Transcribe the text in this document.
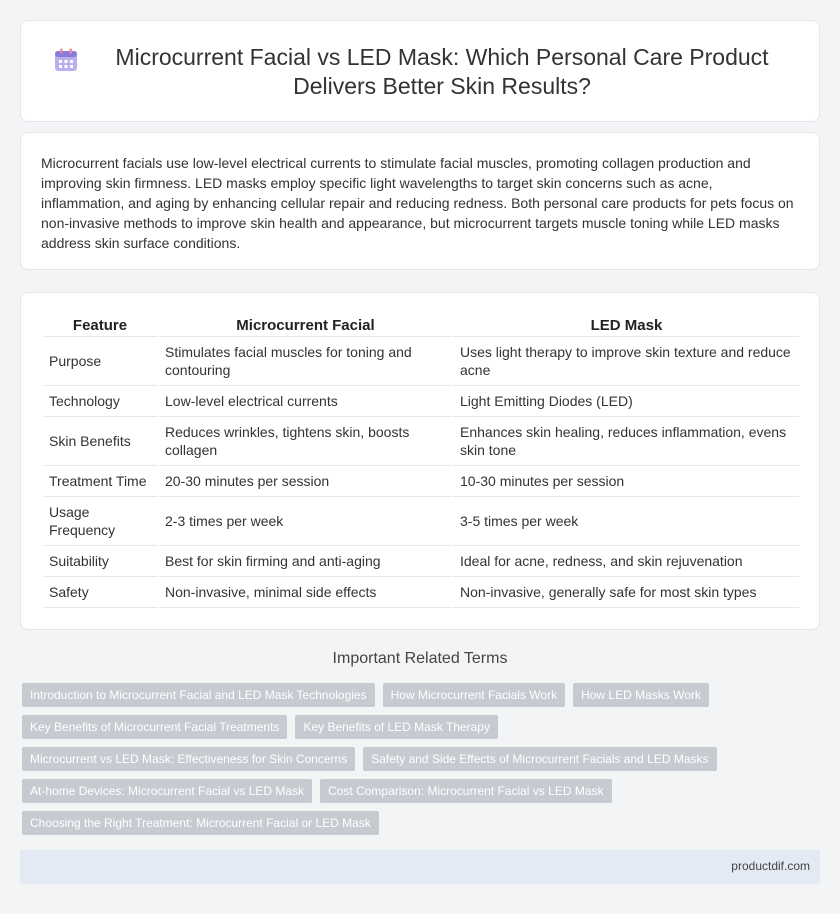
Microcurrent Facial vs LED Mask: Which Personal Care Product Delivers Better Skin Results?

Microcurrent facials use low-level electrical currents to stimulate facial muscles, promoting collagen production and improving skin firmness. LED masks employ specific light wavelengths to target skin concerns such as acne, inflammation, and aging by enhancing cellular repair and reducing redness. Both personal care products for pets focus on non-invasive methods to improve skin health and appearance, but microcurrent targets muscle toning while LED masks address skin surface conditions.

Feature	Microcurrent Facial	LED Mask
Purpose	Stimulates facial muscles for toning and contouring	Uses light therapy to improve skin texture and reduce acne
Technology	Low-level electrical currents	Light Emitting Diodes (LED)
Skin Benefits	Reduces wrinkles, tightens skin, boosts collagen	Enhances skin healing, reduces inflammation, evens skin tone
Treatment Time	20-30 minutes per session	10-30 minutes per session
Usage Frequency	2-3 times per week	3-5 times per week
Suitability	Best for skin firming and anti-aging	Ideal for acne, redness, and skin rejuvenation
Safety	Non-invasive, minimal side effects	Non-invasive, generally safe for most skin types
Important Related Terms
Introduction to Microcurrent Facial and LED Mask Technologies	How Microcurrent Facials Work	How LED Masks Work
Key Benefits of Microcurrent Facial Treatments	Key Benefits of LED Mask Therapy
Microcurrent vs LED Mask: Effectiveness for Skin Concerns	Safety and Side Effects of Microcurrent Facials and LED Masks
At-home Devices: Microcurrent Facial vs LED Mask	Cost Comparison: Microcurrent Facial vs LED Mask
Choosing the Right Treatment: Microcurrent Facial or LED Mask
productdif.com
